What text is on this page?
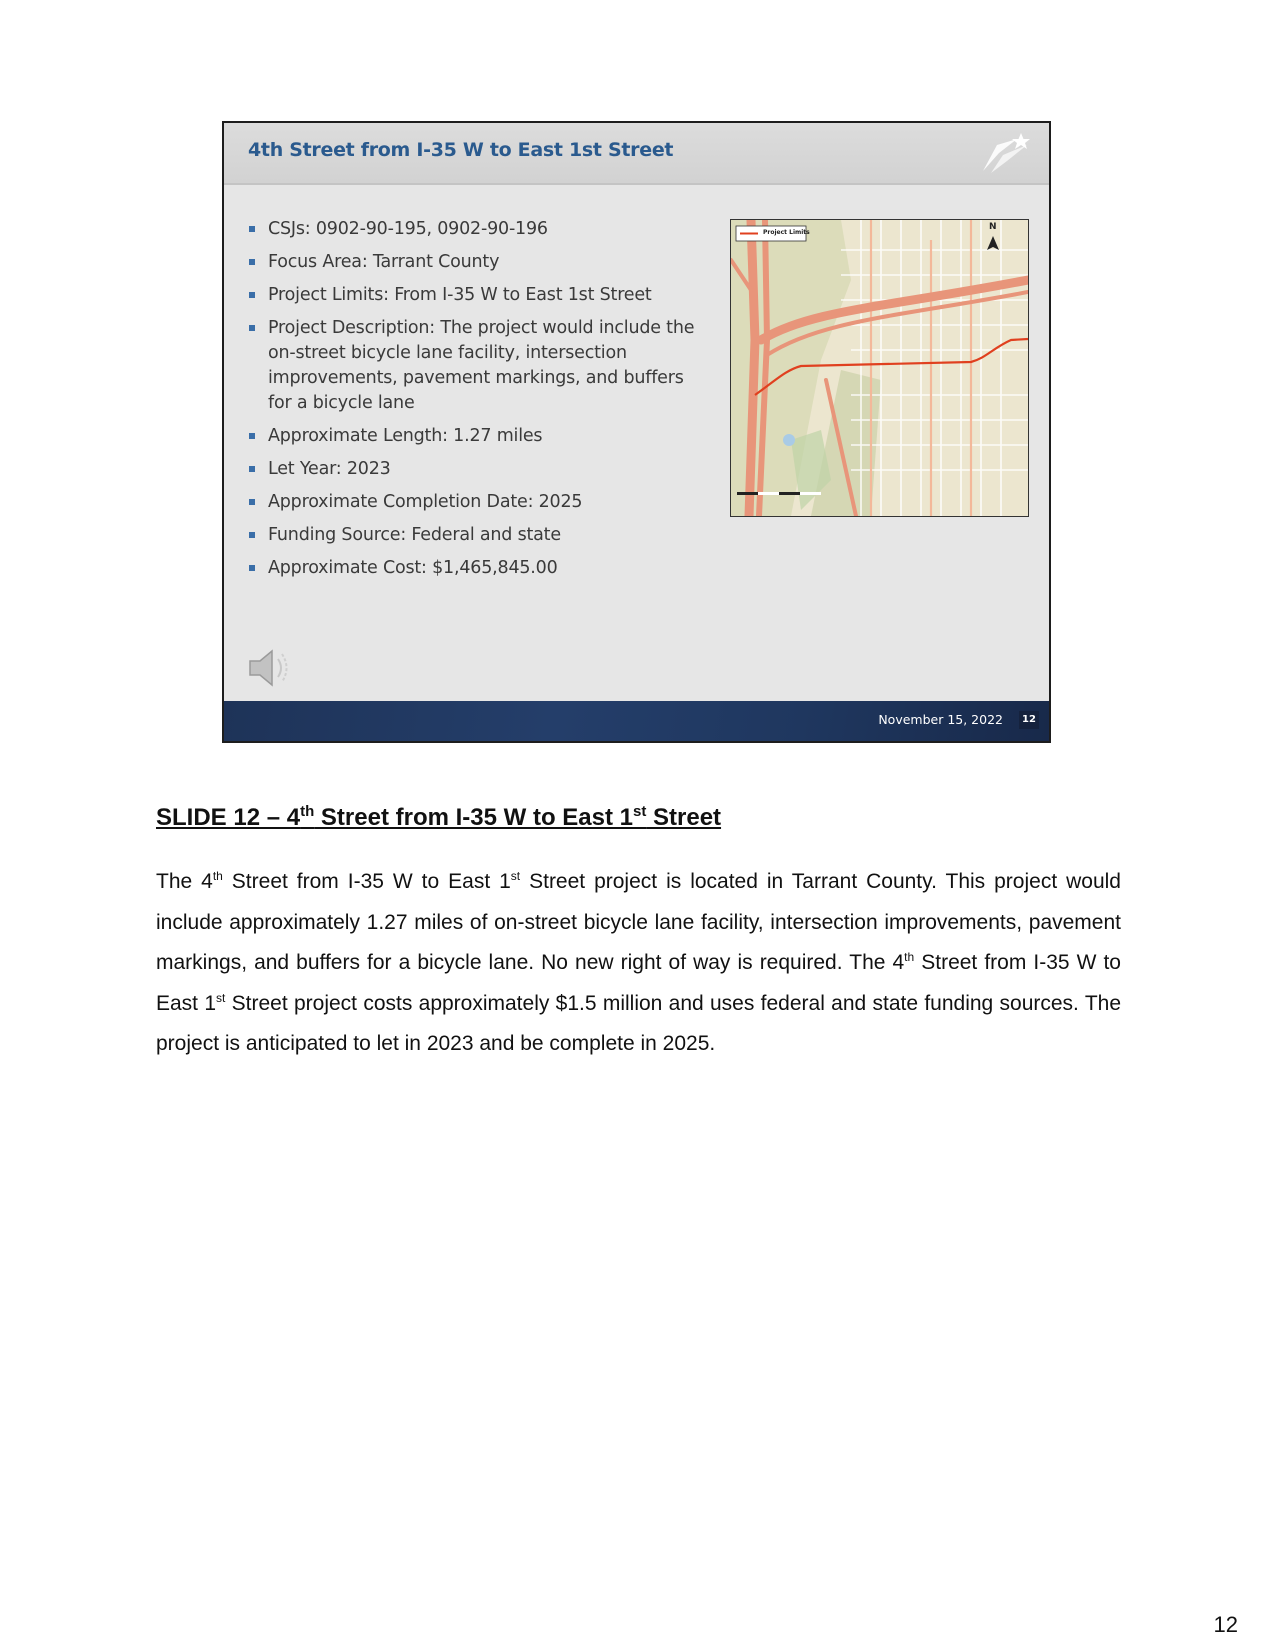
4th Street from I-35 W to East 1st Street
CSJs: 0902-90-195, 0902-90-196
Focus Area: Tarrant County
Project Limits: From I-35 W to East 1st Street
Project Description: The project would include the on-street bicycle lane facility, intersection improvements, pavement markings, and buffers for a bicycle lane
Approximate Length: 1.27 miles
Let Year: 2023
Approximate Completion Date: 2025
Funding Source: Federal and state
Approximate Cost: $1,465,845.00
Project Limits
N
November 15, 2022	12
SLIDE 12 – 4th Street from I-35 W to East 1st Street

The 4th Street from I-35 W to East 1st Street project is located in Tarrant County. This project would include approximately 1.27 miles of on-street bicycle lane facility, intersection improvements, pavement markings, and buffers for a bicycle lane. No new right of way is required. The 4th Street from I-35 W to East 1st Street project costs approximately $1.5 million and uses federal and state funding sources. The project is anticipated to let in 2023 and be complete in 2025.

12
